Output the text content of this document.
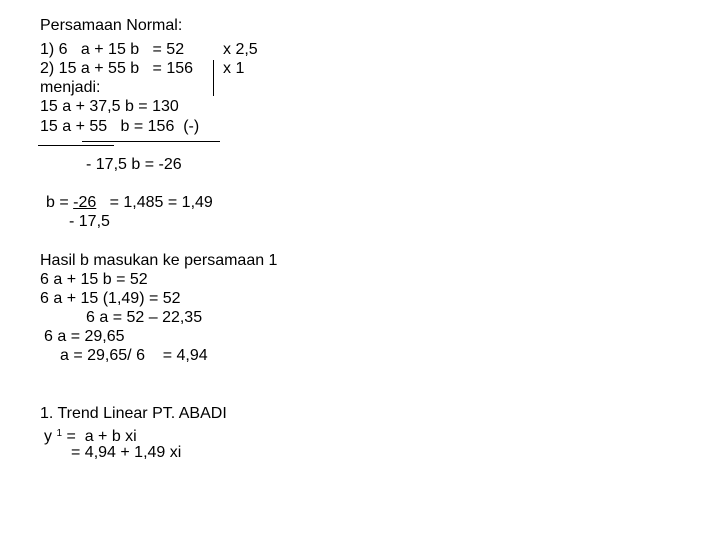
Persamaan Normal:
1) 6   a + 15 b   = 52 x 2,5
2) 15 a + 55 b   = 156 x 1
menjadi:
15 a + 37,5 b = 130
15 a + 55   b = 156  (-)
- 17,5 b = -26
b = -26   = 1,485 = 1,49
- 17,5
Hasil b masukan ke persamaan 1
6 a + 15 b = 52
6 a + 15 (1,49) = 52
6 a = 52 – 22,35
6 a = 29,65
a = 29,65/ 6    = 4,94
1. Trend Linear PT. ABADI
y $^1$ =  a + b xi
= 4,94 + 1,49 xi
